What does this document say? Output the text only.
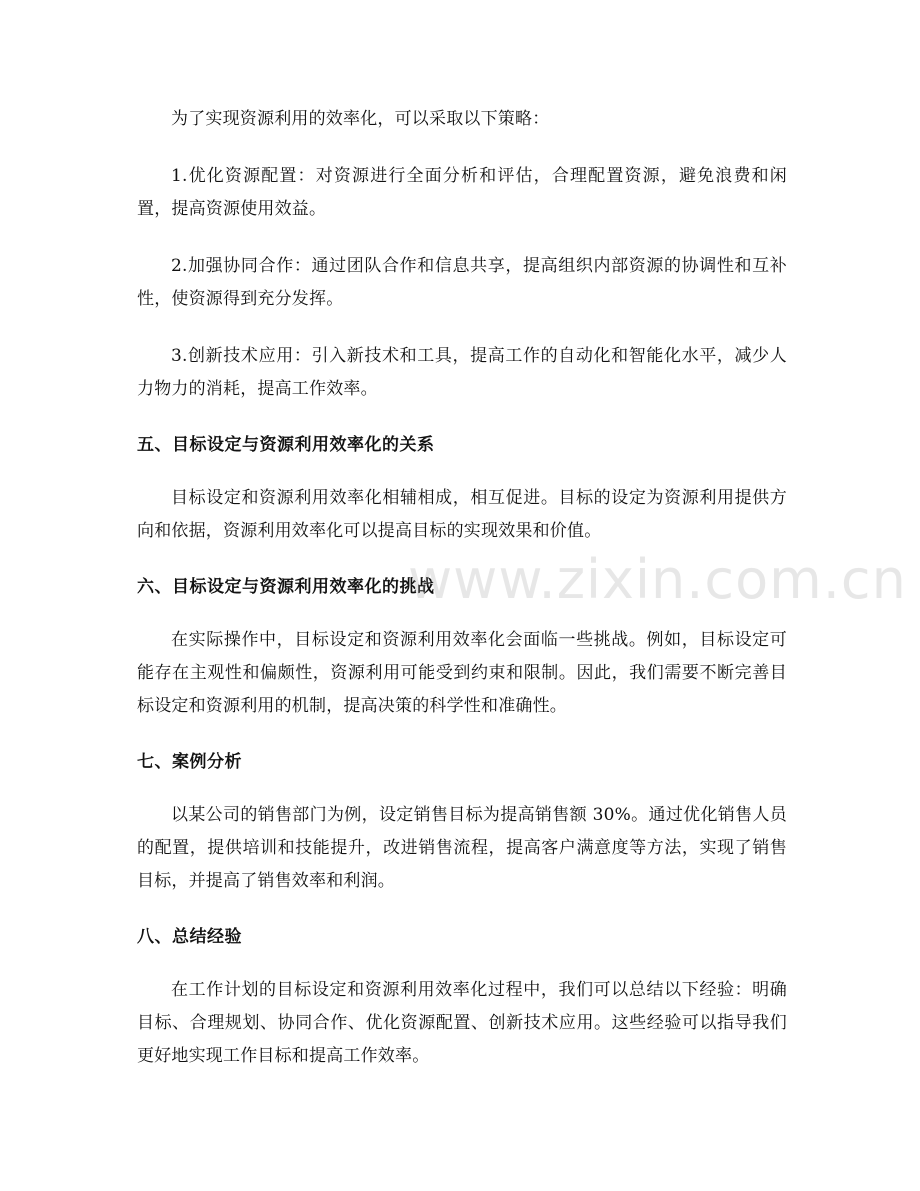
为了实现资源利用的效率化，可以采取以下策略：

1.优化资源配置：对资源进行全面分析和评估，合理配置资源，避免浪费和闲置，提高资源使用效益。

2.加强协同合作：通过团队合作和信息共享，提高组织内部资源的协调性和互补性，使资源得到充分发挥。

3.创新技术应用：引入新技术和工具，提高工作的自动化和智能化水平，减少人力物力的消耗，提高工作效率。

五、目标设定与资源利用效率化的关系

目标设定和资源利用效率化相辅相成，相互促进。目标的设定为资源利用提供方向和依据，资源利用效率化可以提高目标的实现效果和价值。

六、目标设定与资源利用效率化的挑战

在实际操作中，目标设定和资源利用效率化会面临一些挑战。例如，目标设定可能存在主观性和偏颇性，资源利用可能受到约束和限制。因此，我们需要不断完善目标设定和资源利用的机制，提高决策的科学性和准确性。

七、案例分析

以某公司的销售部门为例，设定销售目标为提高销售额 30%。通过优化销售人员的配置，提供培训和技能提升，改进销售流程，提高客户满意度等方法，实现了销售目标，并提高了销售效率和利润。

八、总结经验

在工作计划的目标设定和资源利用效率化过程中，我们可以总结以下经验：明确目标、合理规划、协同合作、优化资源配置、创新技术应用。这些经验可以指导我们更好地实现工作目标和提高工作效率。

www.zixin.com.cn
